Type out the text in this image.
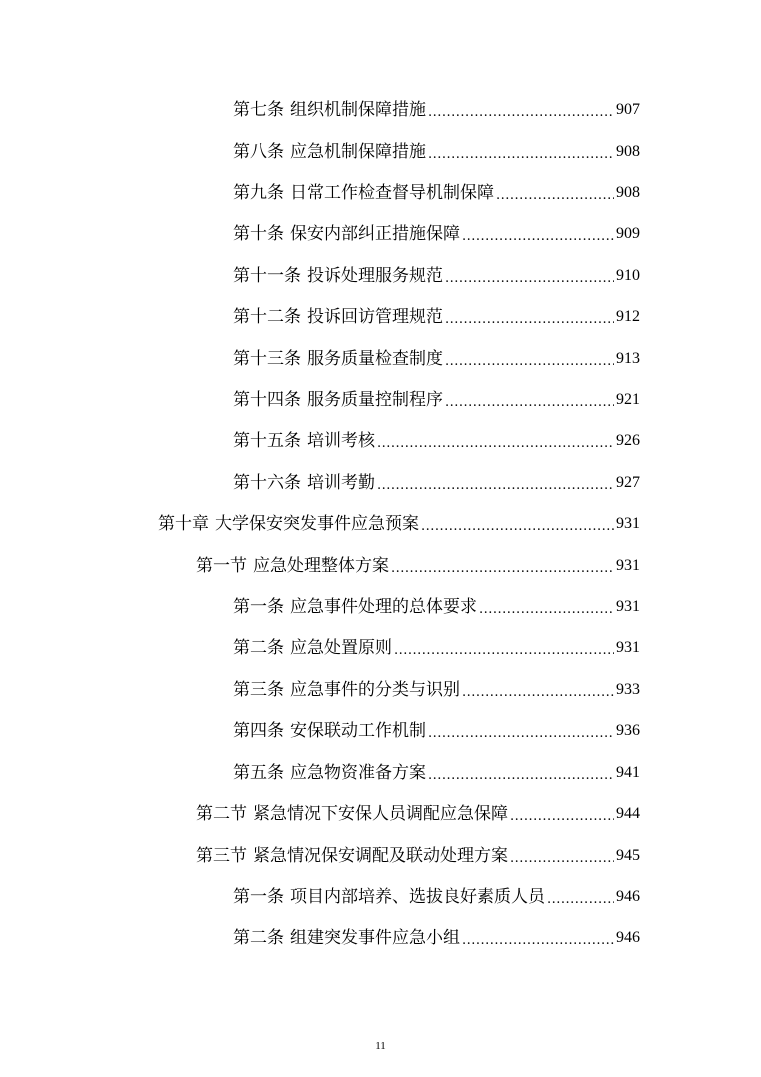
第七条 组织机制保障措施 .....	907
第八条 应急机制保障措施 .....	908
第九条 日常工作检查督导机制保障 .....	908
第十条 保安内部纠正措施保障 .....	909
第十一条 投诉处理服务规范 .....	910
第十二条 投诉回访管理规范 .....	912
第十三条 服务质量检查制度 .....	913
第十四条 服务质量控制程序 .....	921
第十五条 培训考核 .....	926
第十六条 培训考勤 .....	927
第十章 大学保安突发事件应急预案 .....	931
第一节 应急处理整体方案 .....	931
第一条 应急事件处理的总体要求 .....	931
第二条 应急处置原则 .....	931
第三条 应急事件的分类与识别 .....	933
第四条 安保联动工作机制 .....	936
第五条 应急物资准备方案 .....	941
第二节 紧急情况下安保人员调配应急保障 .....	944
第三节 紧急情况保安调配及联动处理方案 .....	945
第一条 项目内部培养、选拔良好素质人员 .....	946
第二条 组建突发事件应急小组 .....	946
11
